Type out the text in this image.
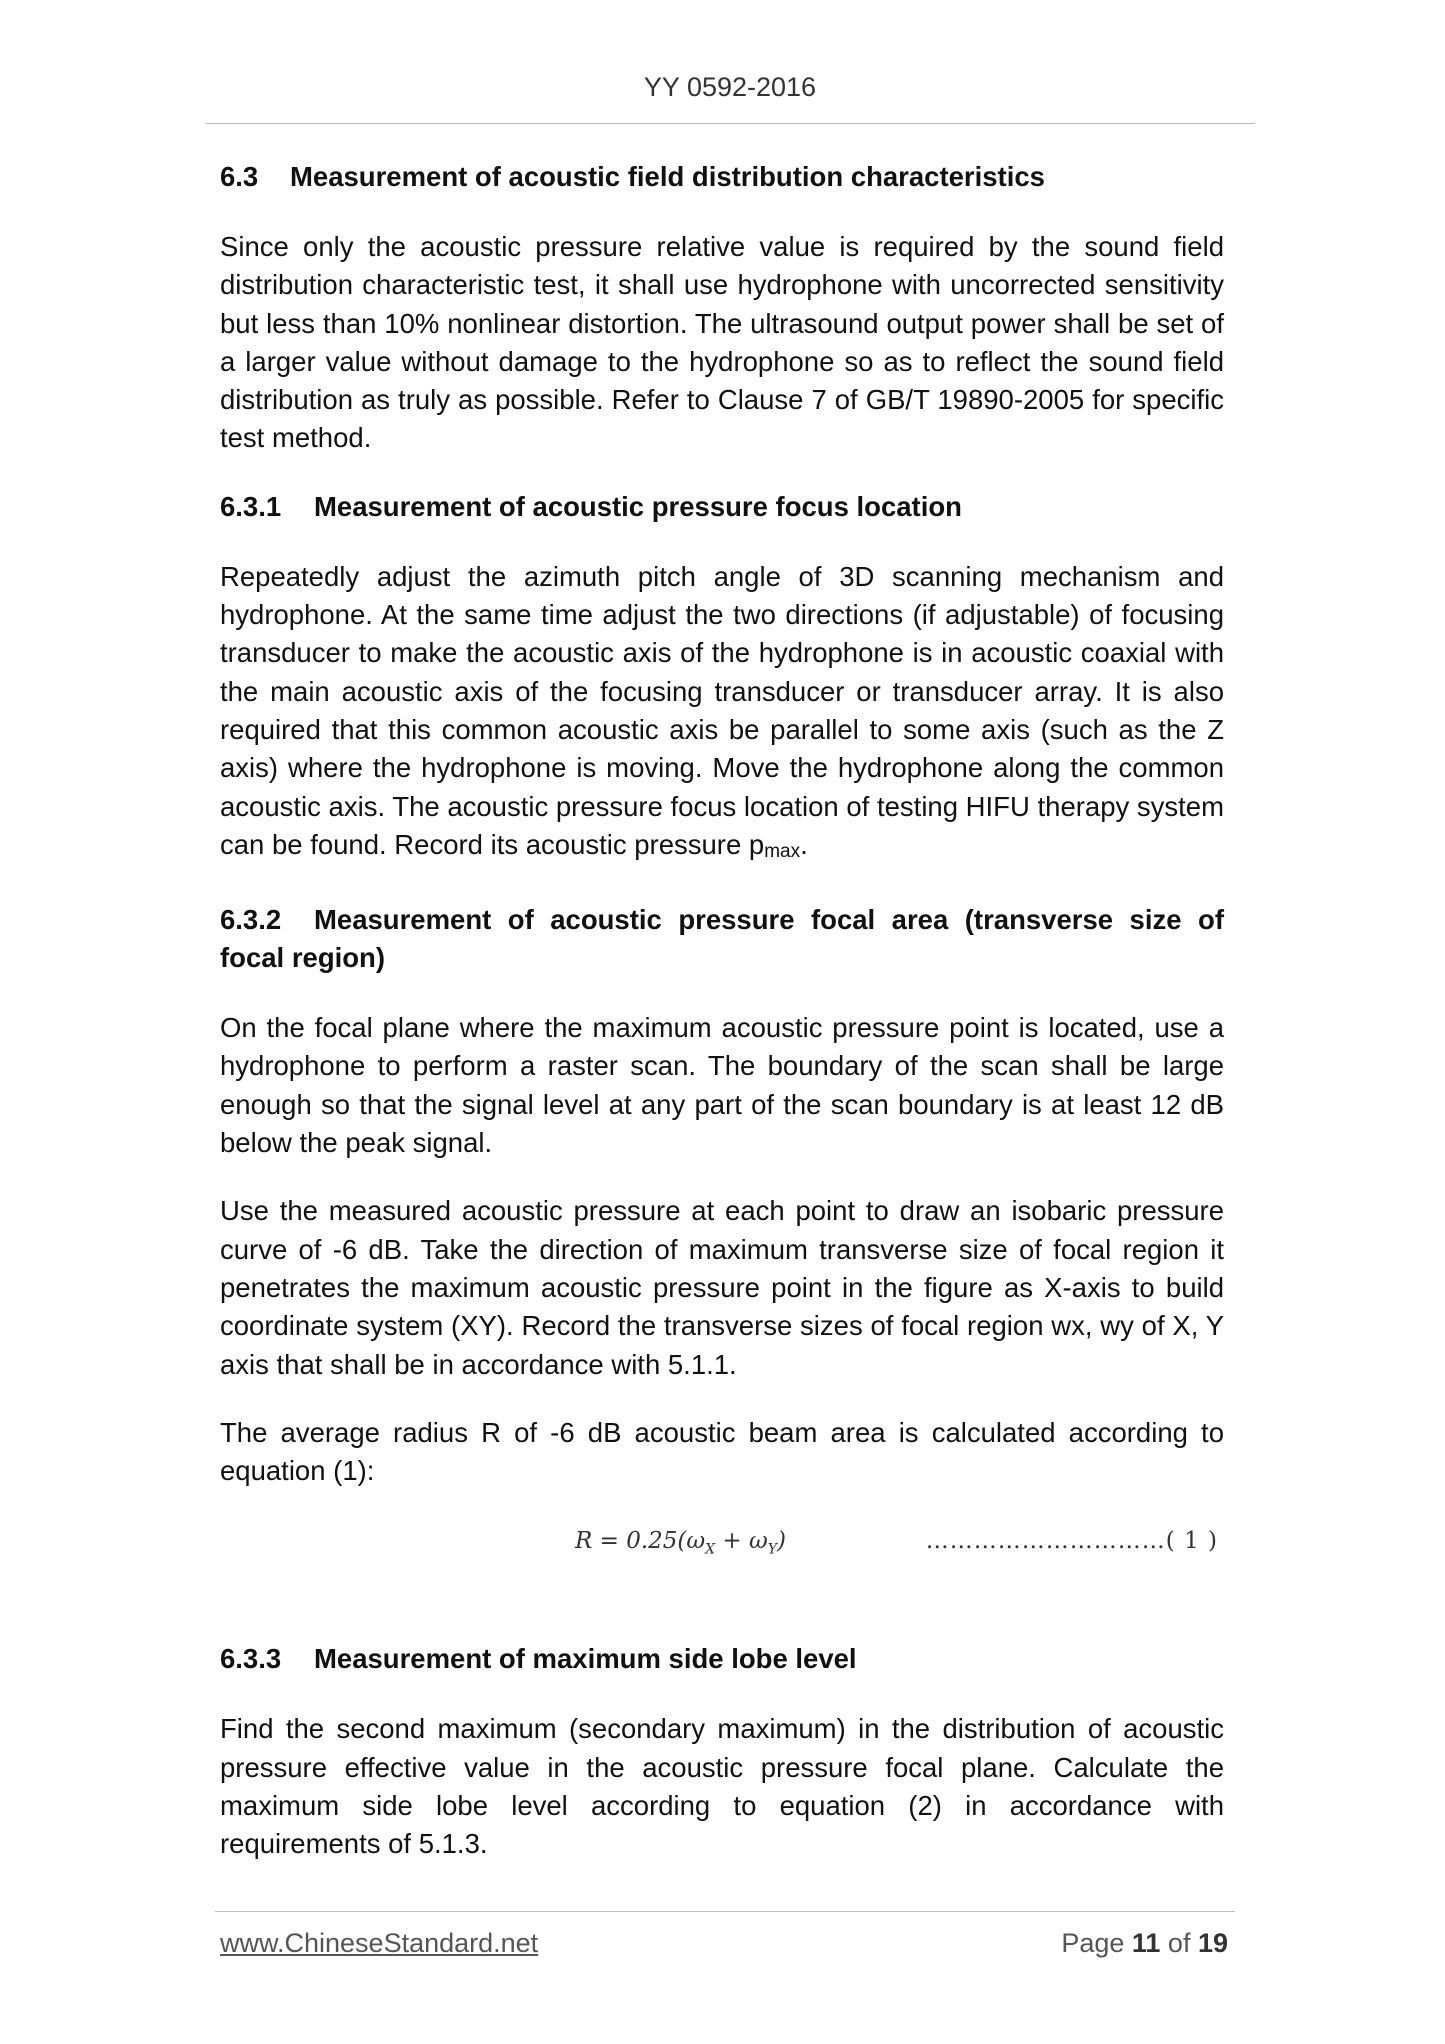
YY 0592-2016
6.3 Measurement of acoustic field distribution characteristics

Since only the acoustic pressure relative value is required by the sound field distribution characteristic test, it shall use hydrophone with uncorrected sensitivity but less than 10% nonlinear distortion. The ultrasound output power shall be set of a larger value without damage to the hydrophone so as to reflect the sound field distribution as truly as possible. Refer to Clause 7 of GB/T 19890-2005 for specific test method.

6.3.1 Measurement of acoustic pressure focus location

Repeatedly adjust the azimuth pitch angle of 3D scanning mechanism and hydrophone. At the same time adjust the two directions (if adjustable) of focusing transducer to make the acoustic axis of the hydrophone is in acoustic coaxial with the main acoustic axis of the focusing transducer or transducer array. It is also required that this common acoustic axis be parallel to some axis (such as the Z axis) where the hydrophone is moving. Move the hydrophone along the common acoustic axis. The acoustic pressure focus location of testing HIFU therapy system can be found. Record its acoustic pressure $p_{max}$.

6.3.2 Measurement of acoustic pressure focal area (transverse size of focal region)

On the focal plane where the maximum acoustic pressure point is located, use a hydrophone to perform a raster scan. The boundary of the scan shall be large enough so that the signal level at any part of the scan boundary is at least 12 dB below the peak signal.

Use the measured acoustic pressure at each point to draw an isobaric pressure curve of -6 dB. Take the direction of maximum transverse size of focal region it penetrates the maximum acoustic pressure point in the figure as X-axis to build coordinate system (XY). Record the transverse sizes of focal region wx, wy of X, Y axis that shall be in accordance with 5.1.1.

The average radius R of -6 dB acoustic beam area is calculated according to equation (1):

$R = 0.25(\omega_X + \omega_Y)$	…………………………( 1 )
6.3.3 Measurement of maximum side lobe level

Find the second maximum (secondary maximum) in the distribution of acoustic pressure effective value in the acoustic pressure focal plane. Calculate the maximum side lobe level according to equation (2) in accordance with requirements of 5.1.3.

www.ChineseStandard.net	Page 11 of 19
